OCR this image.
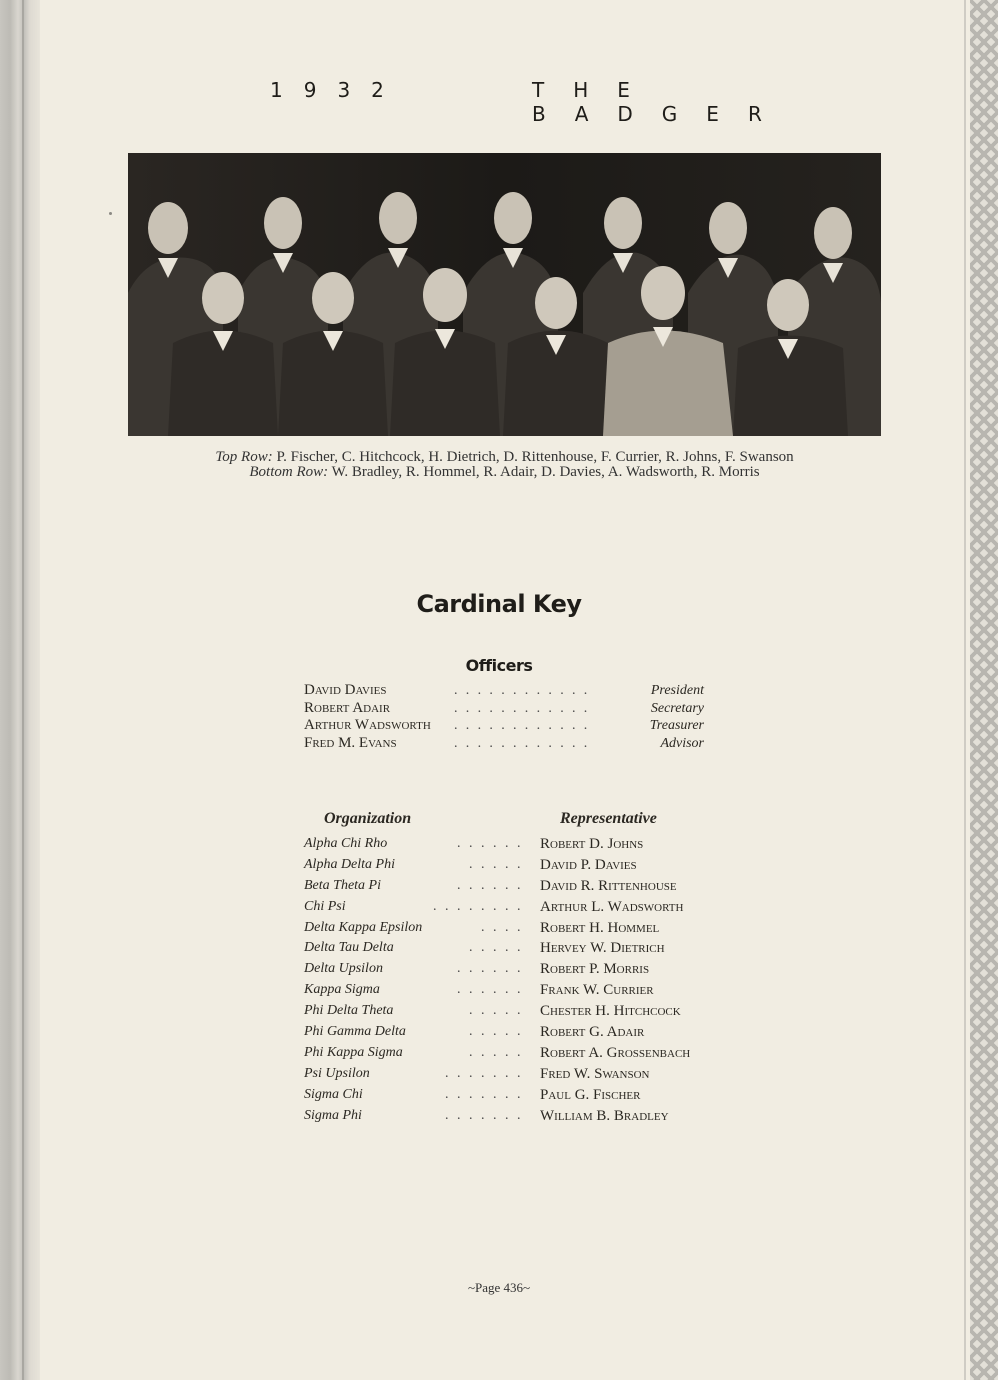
1932	THE BADGER
Top Row: P. Fischer, C. Hitchcock, H. Dietrich, D. Rittenhouse, F. Currier, R. Johns, F. Swanson
Bottom Row: W. Bradley, R. Hommel, R. Adair, D. Davies, A. Wadsworth, R. Morris
Cardinal Key
Officers
David Davies	............	President
Robert Adair	............	Secretary
Arthur Wadsworth ............	Treasurer
Fred M. Evans	............	Advisor
Organization	Representative
Alpha Chi Rho	...... Robert D. Johns
Alpha Delta Phi	..... David P. Davies
Beta Theta Pi	...... David R. Rittenhouse
Chi Psi	........ Arthur L. Wadsworth
Delta Kappa Epsilon	.... Robert H. Hommel
Delta Tau Delta	..... Hervey W. Dietrich
Delta Upsilon	...... Robert P. Morris
Kappa Sigma	...... Frank W. Currier
Phi Delta Theta	..... Chester H. Hitchcock
Phi Gamma Delta	..... Robert G. Adair
Phi Kappa Sigma	..... Robert A. Grossenbach
Psi Upsilon	....... Fred W. Swanson
Sigma Chi	....... Paul G. Fischer
Sigma Phi	....... William B. Bradley
~Page 436~
